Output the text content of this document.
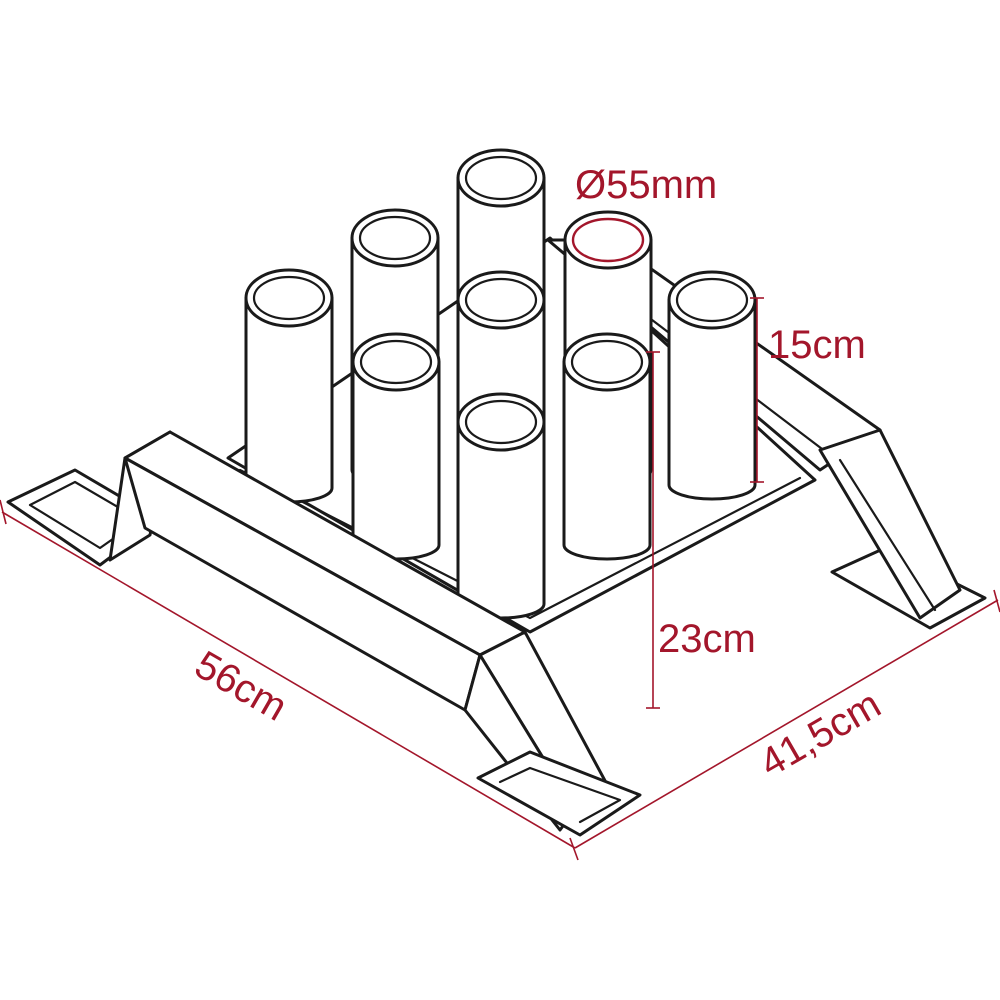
Ø55mm
15cm
23cm
56cm	41,5cm
